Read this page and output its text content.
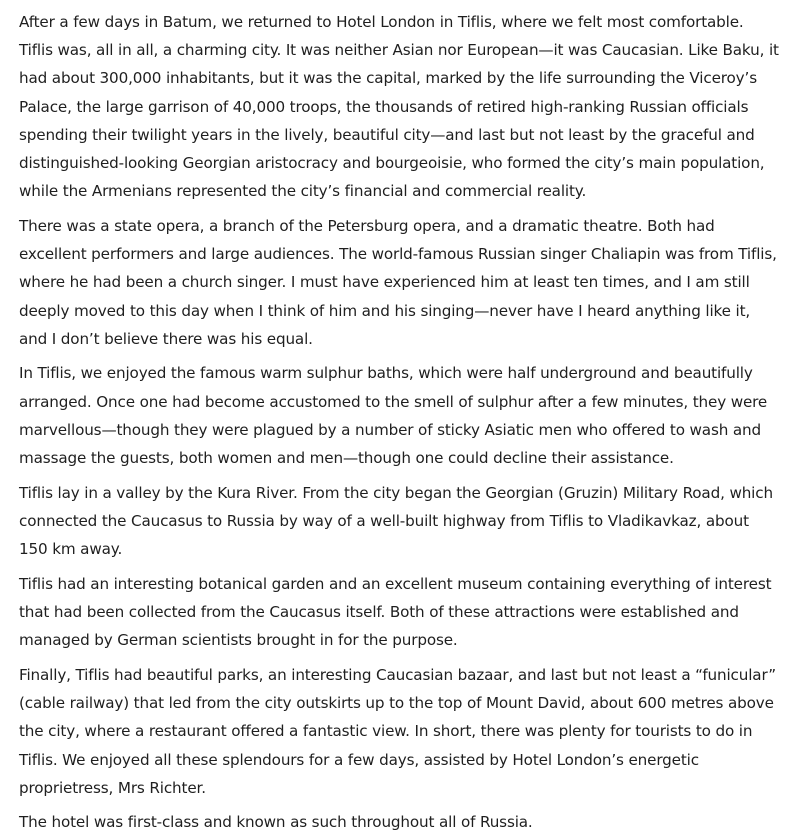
After a few days in Batum, we returned to Hotel London in Tiflis, where we felt most comfortable. Tiflis was, all in all, a charming city. It was neither Asian nor European—it was Caucasian. Like Baku, it had about 300,000 inhabitants, but it was the capital, marked by the life surrounding the Viceroy’s Palace, the large garrison of 40,000 troops, the thousands of retired high-ranking Russian officials spending their twilight years in the lively, beautiful city—and last but not least by the graceful and distinguished-looking Georgian aristocracy and bourgeoisie, who formed the city’s main population, while the Armenians represented the city’s financial and commercial reality.

There was a state opera, a branch of the Petersburg opera, and a dramatic theatre. Both had excellent performers and large audiences. The world-famous Russian singer Chaliapin was from Tiflis, where he had been a church singer. I must have experienced him at least ten times, and I am still deeply moved to this day when I think of him and his singing—never have I heard anything like it, and I don’t believe there was his equal.

In Tiflis, we enjoyed the famous warm sulphur baths, which were half underground and beautifully arranged. Once one had become accustomed to the smell of sulphur after a few minutes, they were marvellous—though they were plagued by a number of sticky Asiatic men who offered to wash and massage the guests, both women and men—though one could decline their assistance.

Tiflis lay in a valley by the Kura River. From the city began the Georgian (Gruzin) Military Road, which connected the Caucasus to Russia by way of a well-built highway from Tiflis to Vladikavkaz, about 150 km away.

Tiflis had an interesting botanical garden and an excellent museum containing everything of interest that had been collected from the Caucasus itself. Both of these attractions were established and managed by German scientists brought in for the purpose.

Finally, Tiflis had beautiful parks, an interesting Caucasian bazaar, and last but not least a “funicular” (cable railway) that led from the city outskirts up to the top of Mount David, about 600 metres above the city, where a restaurant offered a fantastic view. In short, there was plenty for tourists to do in Tiflis. We enjoyed all these splendours for a few days, assisted by Hotel London’s energetic proprietress, Mrs Richter.

The hotel was first-class and known as such throughout all of Russia.
